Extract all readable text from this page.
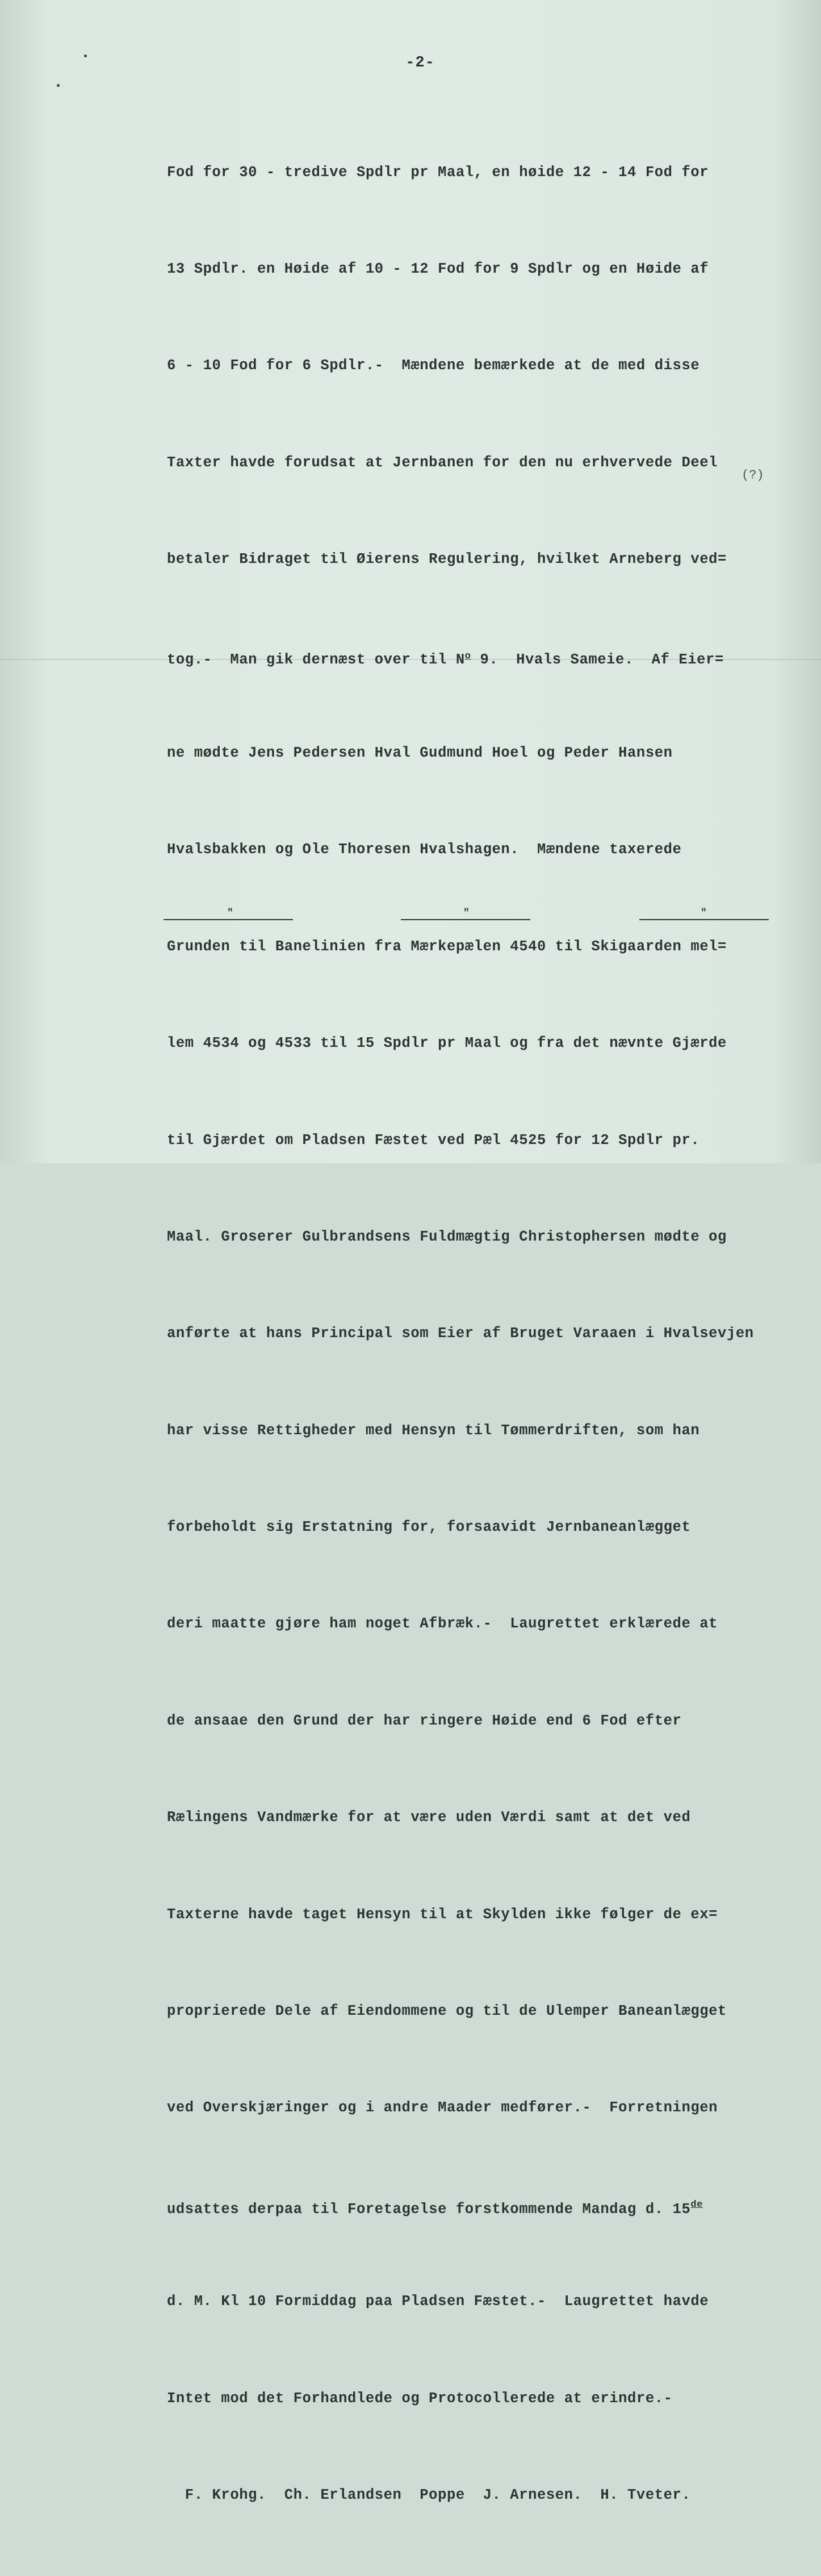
-2-

Fod for 30 - tredive Spdlr pr Maal, en høide 12 - 14 Fod for

13 Spdlr. en Høide af 10 - 12 Fod for 9 Spdlr og en Høide af

6 - 10 Fod for 6 Spdlr.-  Mændene bemærkede at de med disse

Taxter havde forudsat at Jernbanen for den nu erhvervede Deel

betaler Bidraget til Øierens Regulering, hvilket Arneberg ved=

tog.-  Man gik dernæst over til $N^o$ 9.  Hvals Sameie.  Af Eier=

ne mødte Jens Pedersen Hval Gudmund Hoel og Peder Hansen

Hvalsbakken og Ole Thoresen Hvalshagen.  Mændene taxerede

Grunden til Banelinien fra Mærkepælen 4540 til Skigaarden mel=

lem 4534 og 4533 til 15 Spdlr pr Maal og fra det nævnte Gjærde

til Gjærdet om Pladsen Fæstet ved Pæl 4525 for 12 Spdlr pr.

Maal. Groserer Gulbrandsens Fuldmægtig Christophersen mødte og

anførte at hans Principal som Eier af Bruget Varaaen i Hvalsevjen

har visse Rettigheder med Hensyn til Tømmerdriften, som han

forbeholdt sig Erstatning for, forsaavidt Jernbaneanlægget

deri maatte gjøre ham noget Afbræk.-  Laugrettet erklærede at

de ansaae den Grund der har ringere Høide end 6 Fod efter

Rælingens Vandmærke for at være uden Værdi samt at det ved

Taxterne havde taget Hensyn til at Skylden ikke følger de ex=

proprierede Dele af Eiendommene og til de Ulemper Baneanlægget

ved Overskjæringer og i andre Maader medfører.-  Forretningen

udsattes derpaa til Foretagelse forstkommende Mandag d. 15de

d. M. Kl 10 Formiddag paa Pladsen Fæstet.-  Laugrettet havde

Intet mod det Forhandlede og Protocollerede at erindre.-

F. Krohg.  Ch. Erlandsen  Poppe  J. Arnesen.  H. Tveter.

(?)
"	"	"
